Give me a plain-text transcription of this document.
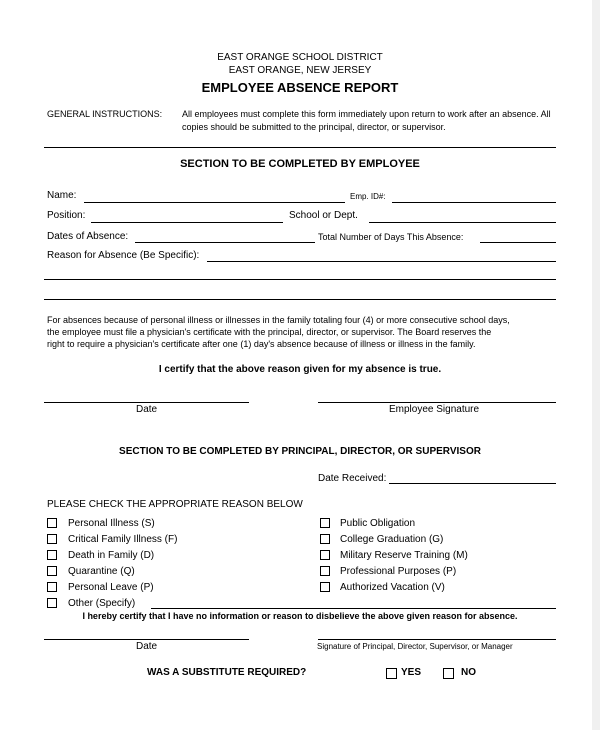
EAST ORANGE SCHOOL DISTRICT
EAST ORANGE, NEW JERSEY
EMPLOYEE ABSENCE REPORT
GENERAL INSTRUCTIONS: All employees must complete this form immediately upon return to work after an absence. All
copies should be submitted to the principal, director, or supervisor.
SECTION TO BE COMPLETED BY EMPLOYEE
Name:	Emp. ID#:
Position:	School or Dept.
Dates of Absence:	Total Number of Days This Absence:
Reason for Absence (Be Specific):
For absences because of personal illness or illnesses in the family totaling four (4) or more consecutive school days,
the employee must file a physician's certificate with the principal, director, or supervisor. The Board reserves the
right to require a physician's certificate after one (1) day's absence because of illness or illness in the family.
I certify that the above reason given for my absence is true.
Date	Employee Signature
SECTION TO BE COMPLETED BY PRINCIPAL, DIRECTOR, OR SUPERVISOR
Date Received:
PLEASE CHECK THE APPROPRIATE REASON BELOW
Personal Illness (S)
Critical Family Illness (F)
Death in Family (D)
Quarantine (Q)
Personal Leave (P)
Other (Specify)
Public Obligation
College Graduation (G)
Military Reserve Training (M)
Professional Purposes (P)
Authorized Vacation (V)
I hereby certify that I have no information or reason to disbelieve the above given reason for absence.
Date	Signature of Principal, Director, Supervisor, or Manager
WAS A SUBSTITUTE REQUIRED?	YES	NO
